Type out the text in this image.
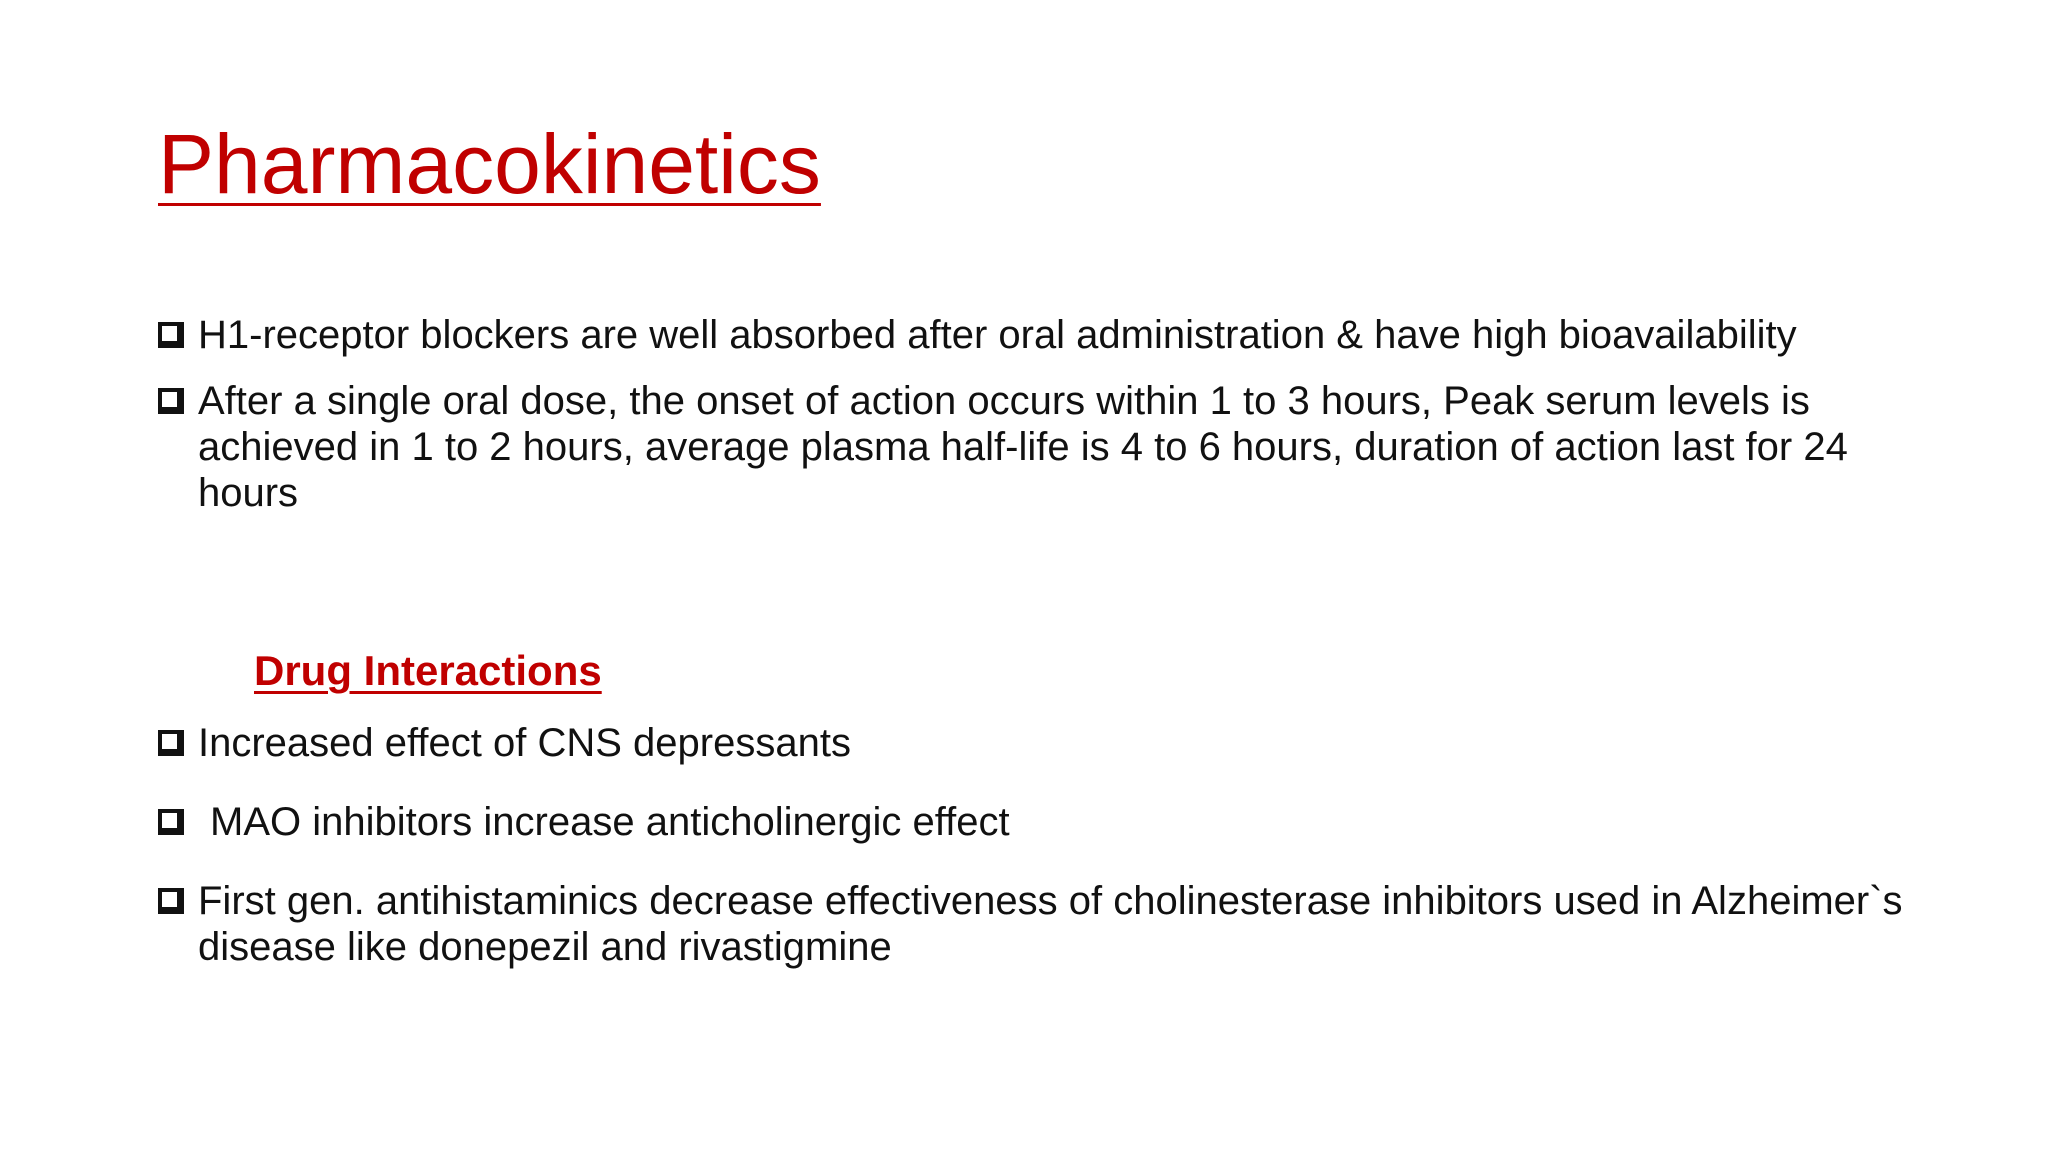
Pharmacokinetics
H1-receptor blockers are well absorbed after oral administration & have high bioavailability
After a single oral dose, the onset of action occurs within 1 to 3 hours, Peak serum levels is achieved in 1 to 2 hours, average plasma half-life is 4 to 6 hours, duration of action last for 24 hours
Drug Interactions
Increased effect of CNS depressants
MAO inhibitors increase anticholinergic effect
First gen. antihistaminics decrease effectiveness of cholinesterase inhibitors used in Alzheimer`s disease like donepezil and rivastigmine
